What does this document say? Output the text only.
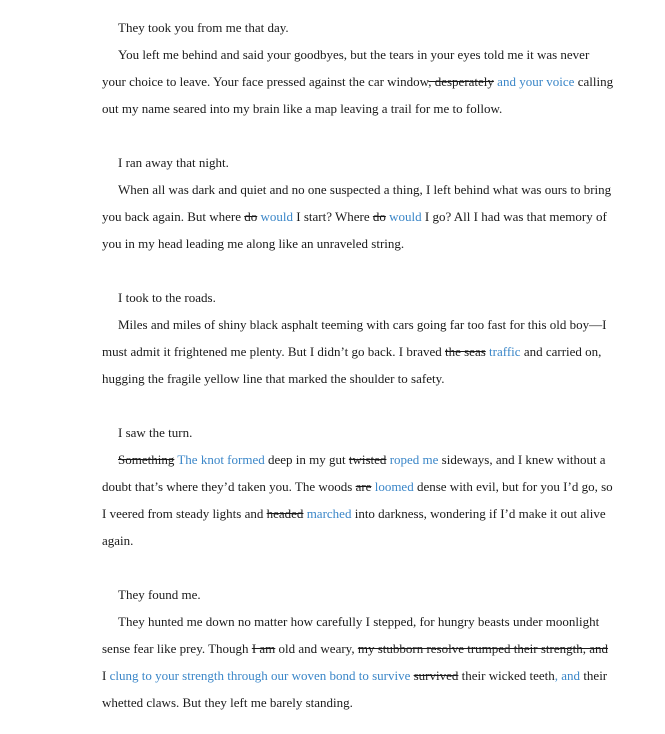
They took you from me that day.

You left me behind and said your goodbyes, but the tears in your eyes told me it was never your choice to leave. Your face pressed against the car window, desperately and your voice calling out my name seared into my brain like a map leaving a trail for me to follow.

I ran away that night.

When all was dark and quiet and no one suspected a thing, I left behind what was ours to bring you back again. But where do would I start? Where do would I go? All I had was that memory of you in my head leading me along like an unraveled string.

I took to the roads.

Miles and miles of shiny black asphalt teeming with cars going far too fast for this old boy—I must admit it frightened me plenty. But I didn’t go back. I braved the seas traffic and carried on, hugging the fragile yellow line that marked the shoulder to safety.

I saw the turn.

Something The knot formed deep in my gut twisted roped me sideways, and I knew without a doubt that’s where they’d taken you. The woods are loomed dense with evil, but for you I’d go, so I veered from steady lights and headed marched into darkness, wondering if I’d make it out alive again.

They found me.

They hunted me down no matter how carefully I stepped, for hungry beasts under moonlight sense fear like prey. Though I am old and weary, my stubborn resolve trumped their strength, and I clung to your strength through our woven bond to survive survived their wicked teeth, and their whetted claws. But they left me barely standing.
